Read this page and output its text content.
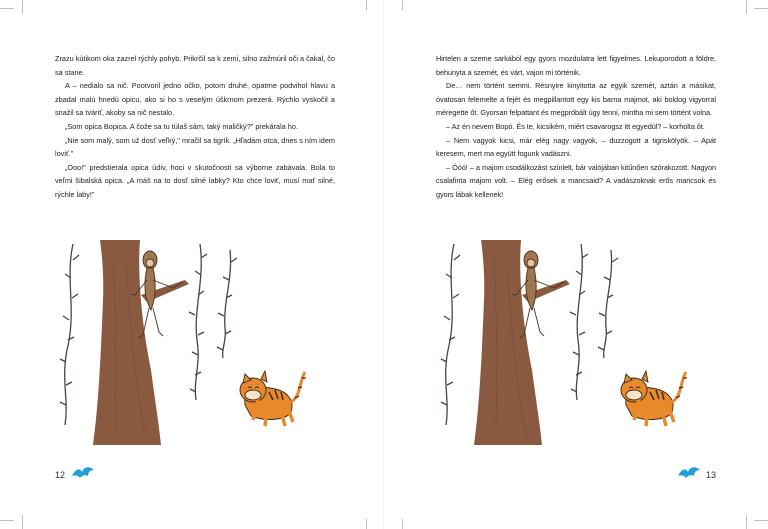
Zrazu kútikom oka zazrel rýchly pohyb. Prikrčil sa k zemi, silno zažmúril oči a čakal, čo sa stane.

A – nedialo sa nič. Pootvoril jedno očko, potom druhé, opatrne podvihol hlavu a zbadal malú hnedú opicu, ako si ho s veselým úškrnom prezerá. Rýchlo vyskočil a snažil sa tváriť, akoby sa nič nestalo.

„Som opica Bopica. A čože sa tu túlaš sám, taký maličký?" prekárala ho.

„Nie som malý, som už dosť veľký," mračil sa tigrík. „Hľadám otca, dnes s ním idem loviť."

„Ooo!" predstierala opica údiv, hoci v skutočnosti sa výborne zabávala. Bola to veľmi šibalská opica. „A máš na to dosť silné labky? Kto chce loviť, musí mať silné, rýchle laby!"

12

Hirtelen a szeme sarkából egy gyors mozdulatra lett figyelmes. Lekuporodott a földre, behunyta a szemét, és várt, vajon mi történik.

De… nem történt semmi. Résnyire kinyitotta az egyik szemét, aztán a másikat, óvatosan felemelte a fejét és megpillantott egy kis barna majmot, aki boldog vigyorral méregette őt. Gyorsan felpattant és megpróbált úgy tenni, mintha mi sem történt volna.

– Az én nevem Bopó. És te, kicsikém, miért csavarogsz itt egyedül? – korholta őt.

– Nem vagyok kicsi, már elég nagy vagyok, – duzzogott a tigriskölyök. – Apát keresem, mert ma együtt fogunk vadászni.

– Óóó! – a majom csodálkozást színlelt, bár valójában kitűnően szórakozott. Nagyon csalafinta majom volt. – Elég erősek a mancsaid? A vadászoknak erős mancsok és gyors lábak kellenek!

13
